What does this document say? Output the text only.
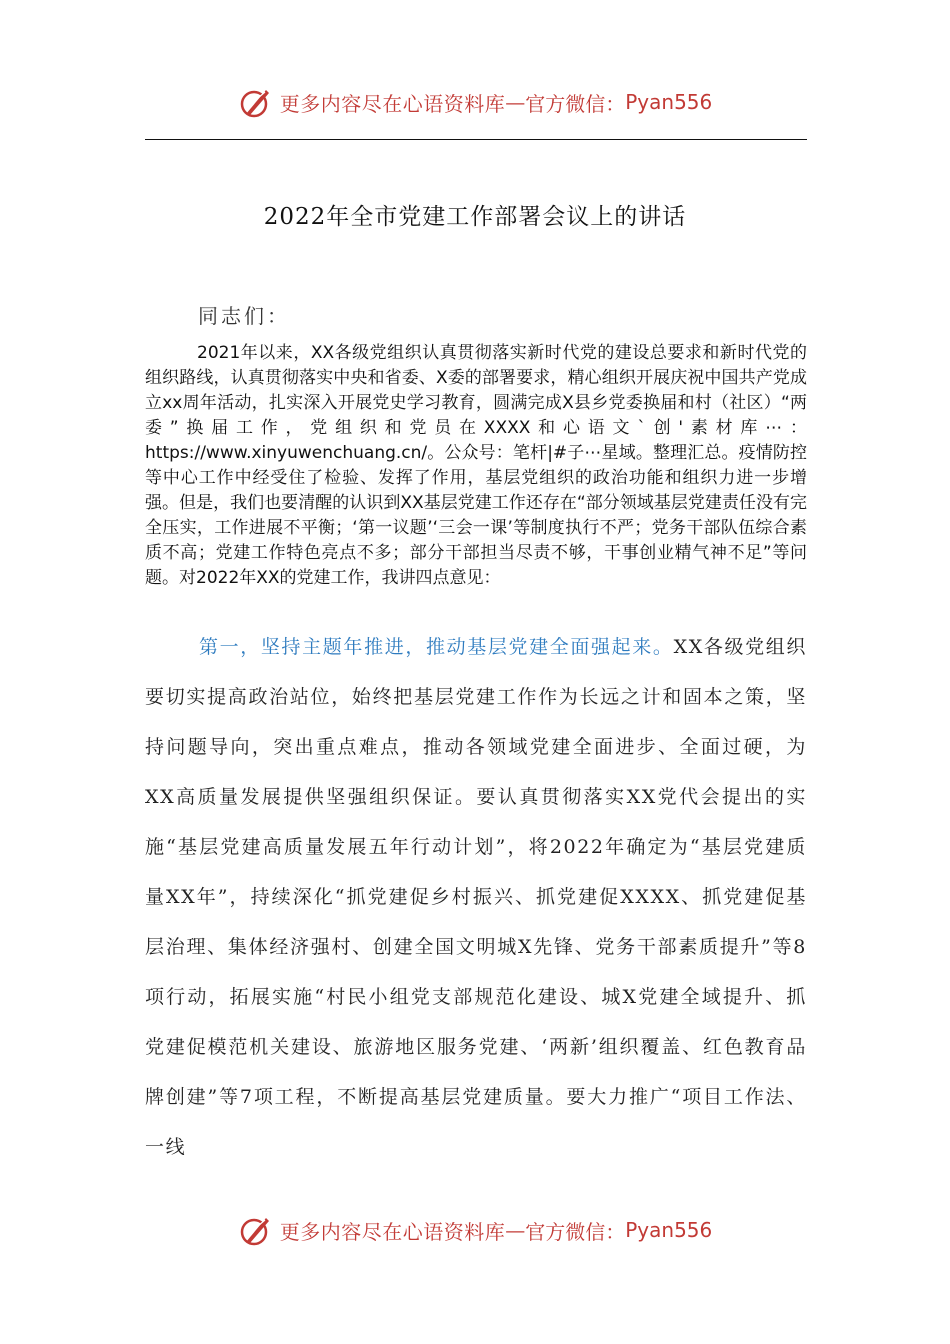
更多内容尽在心语资料库 — 官方微信： Pyan556
2022年全市党建工作部署会议上的讲话
同志们：
2021年以来，XX各级党组织认真贯彻落实新时代党的建设总要求和新时代党的组织路线，认真贯彻落实中央和省委、X委的部署要求，精心组织开展庆祝中国共产党成立xx周年活动，扎实深入开展党史学习教育，圆满完成X县乡党委换届和村（社区）“两委”换届工作，党组织和党员在XXXX和心语文`创'素材库⋯：https://www.xinyuwenchuang.cn/。公众号：笔杆|#子⋯星域。整理汇总。疫情防控等中心工作中经受住了检验、发挥了作用，基层党组织的政治功能和组织力进一步增强。但是，我们也要清醒的认识到XX基层党建工作还存在“部分领域基层党建责任没有完全压实，工作进展不平衡；‘第一议题’‘三会一课’等制度执行不严；党务干部队伍综合素质不高；党建工作特色亮点不多；部分干部担当尽责不够，干事创业精气神不足”等问题。对2022年XX的党建工作，我讲四点意见：
第一，坚持主题年推进，推动基层党建全面强起来。XX各级党组织要切实提高政治站位，始终把基层党建工作作为长远之计和固本之策，坚持问题导向，突出重点难点，推动各领域党建全面进步、全面过硬，为XX高质量发展提供坚强组织保证。要认真贯彻落实XX党代会提出的实施“基层党建高质量发展五年行动计划”，将2022年确定为“基层党建质量XX年”，持续深化“抓党建促乡村振兴、抓党建促XXXX、抓党建促基层治理、集体经济强村、创建全国文明城X先锋、党务干部素质提升”等8项行动，拓展实施“村民小组党支部规范化建设、城X党建全域提升、抓党建促模范机关建设、旅游地区服务党建、‘两新’组织覆盖、红色教育品牌创建”等7项工程，不断提高基层党建质量。要大力推广“项目工作法、一线
更多内容尽在心语资料库 — 官方微信： Pyan556
